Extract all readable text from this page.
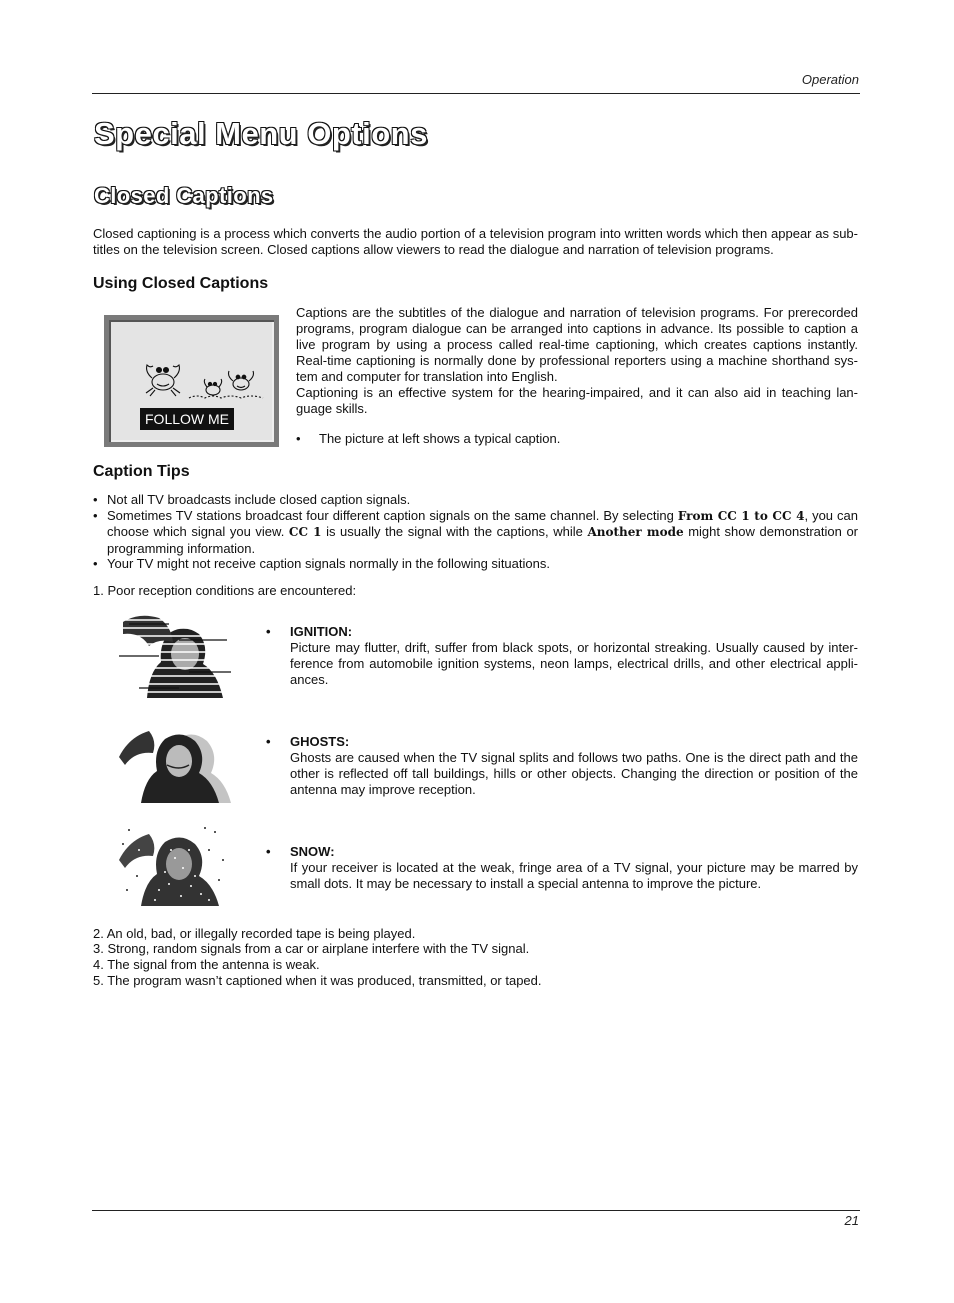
Operation
Special Menu Options
Closed Captions

Closed captioning is a process which converts the audio portion of a television program into written words which then appear as sub-titles on the television screen. Closed captions allow viewers to read the dialogue and narration of television programs.

Using Closed Captions
FOLLOW ME
Captions are the subtitles of the dialogue and narration of television programs. For prerecorded programs, program dialogue can be arranged into captions in advance. Its possible to caption a live program by using a process called real-time captioning, which creates captions instantly. Real-time captioning is normally done by professional reporters using a machine shorthand sys-tem and computer for translation into English.
Captioning is an effective system for the hearing-impaired, and it can also aid in teaching lan-guage skills.
• The picture at left shows a typical caption.
Caption Tips
• Not all TV broadcasts include closed caption signals.
• Sometimes TV stations broadcast four different caption signals on the same channel. By selecting From CC 1 to CC 4, you can choose which signal you view. CC 1 is usually the signal with the captions, while Another mode might show demonstration or programming information.
• Your TV might not receive caption signals normally in the following situations.

1. Poor reception conditions are encountered:

• IGNITION:
Picture may flutter, drift, suffer from black spots, or horizontal streaking. Usually caused by inter-ference from automobile ignition systems, neon lamps, electrical drills, and other electrical appli-ances.
• GHOSTS:
Ghosts are caused when the TV signal splits and follows two paths. One is the direct path and the other is reflected off tall buildings, hills or other objects. Changing the direction or position of the antenna may improve reception.
• SNOW:
If your receiver is located at the weak, fringe area of a TV signal, your picture may be marred by small dots. It may be necessary to install a special antenna to improve the picture.

2. An old, bad, or illegally recorded tape is being played.

3. Strong, random signals from a car or airplane interfere with the TV signal.

4. The signal from the antenna is weak.

5. The program wasn’t captioned when it was produced, transmitted, or taped.

21
